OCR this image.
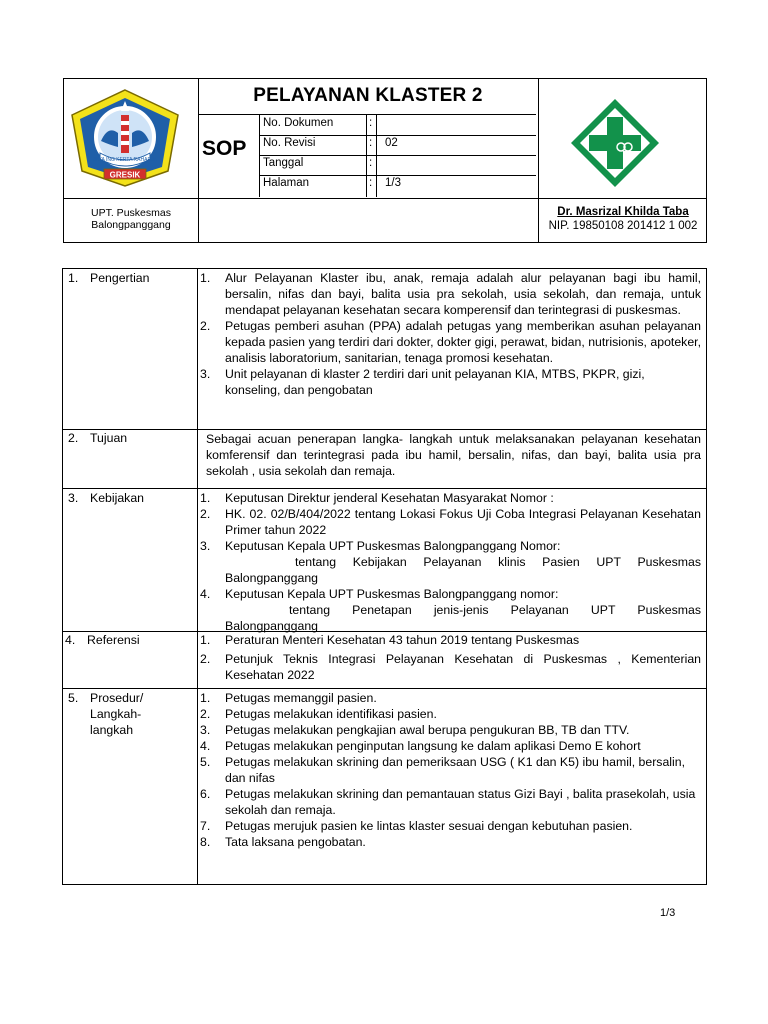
JAYA ING KERTA RAHARJA
GRESIK
PELAYANAN KLASTER 2
SOP
No. Dokumen	:
No. Revisi	: 02
Tanggal	:
Halaman	: 1/3
UPT. Puskesmas
Balongpanggang
Dr. Masrizal Khilda Taba
NIP. 19850108 201412 1 002
1. Pengertian	1. Alur Pelayanan Klaster ibu, anak, remaja adalah alur pelayanan bagi ibu hamil, bersalin, nifas dan bayi, balita usia pra sekolah, usia sekolah, dan remaja, untuk mendapat pelayanan kesehatan secara komperensif dan terintegrasi di puskesmas.
2. Petugas pemberi asuhan (PPA) adalah petugas yang memberikan asuhan pelayanan kepada pasien yang terdiri dari dokter, dokter gigi, perawat, bidan, nutrisionis, apoteker, analisis laboratorium, sanitarian, tenaga promosi kesehatan.
3. Unit pelayanan di klaster 2 terdiri dari unit pelayanan KIA, MTBS, PKPR, gizi, konseling, dan pengobatan
2. Tujuan	Sebagai acuan penerapan langka- langkah untuk melaksanakan pelayanan kesehatan komferensif dan terintegrasi pada ibu hamil, bersalin, nifas, dan bayi, balita usia pra sekolah , usia sekolah dan remaja.

3. Kebijakan	1. Keputusan Direktur jenderal Kesehatan Masyarakat Nomor :
2. HK. 02. 02/B/404/2022 tentang Lokasi Fokus Uji Coba Integrasi Pelayanan Kesehatan Primer tahun 2022
3. Keputusan Kepala UPT Puskesmas Balongpanggang Nomor:
tentang Kebijakan Pelayanan klinis Pasien UPT Puskesmas Balongpanggang
4. Keputusan Kepala UPT Puskesmas Balongpanggang nomor:
tentang Penetapan jenis-jenis Pelayanan UPT Puskesmas Balongpanggang
4. Referensi	1. Peraturan Menteri Kesehatan 43 tahun 2019 tentang Puskesmas
2. Petunjuk Teknis Integrasi Pelayanan Kesehatan di Puskesmas , Kementerian Kesehatan 2022
5. Prosedur/
Langkah-
langkah
1. Petugas memanggil pasien.
2. Petugas melakukan identifikasi pasien.
3. Petugas melakukan pengkajian awal berupa pengukuran BB, TB dan TTV.
4. Petugas melakukan penginputan langsung ke dalam aplikasi Demo E kohort
5. Petugas melakukan skrining dan pemeriksaan USG ( K1 dan K5) ibu hamil, bersalin, dan nifas
6. Petugas melakukan skrining dan pemantauan status Gizi Bayi , balita prasekolah, usia sekolah dan remaja.
7. Petugas merujuk pasien ke lintas klaster sesuai dengan kebutuhan pasien.
8. Tata laksana pengobatan.
1/3
